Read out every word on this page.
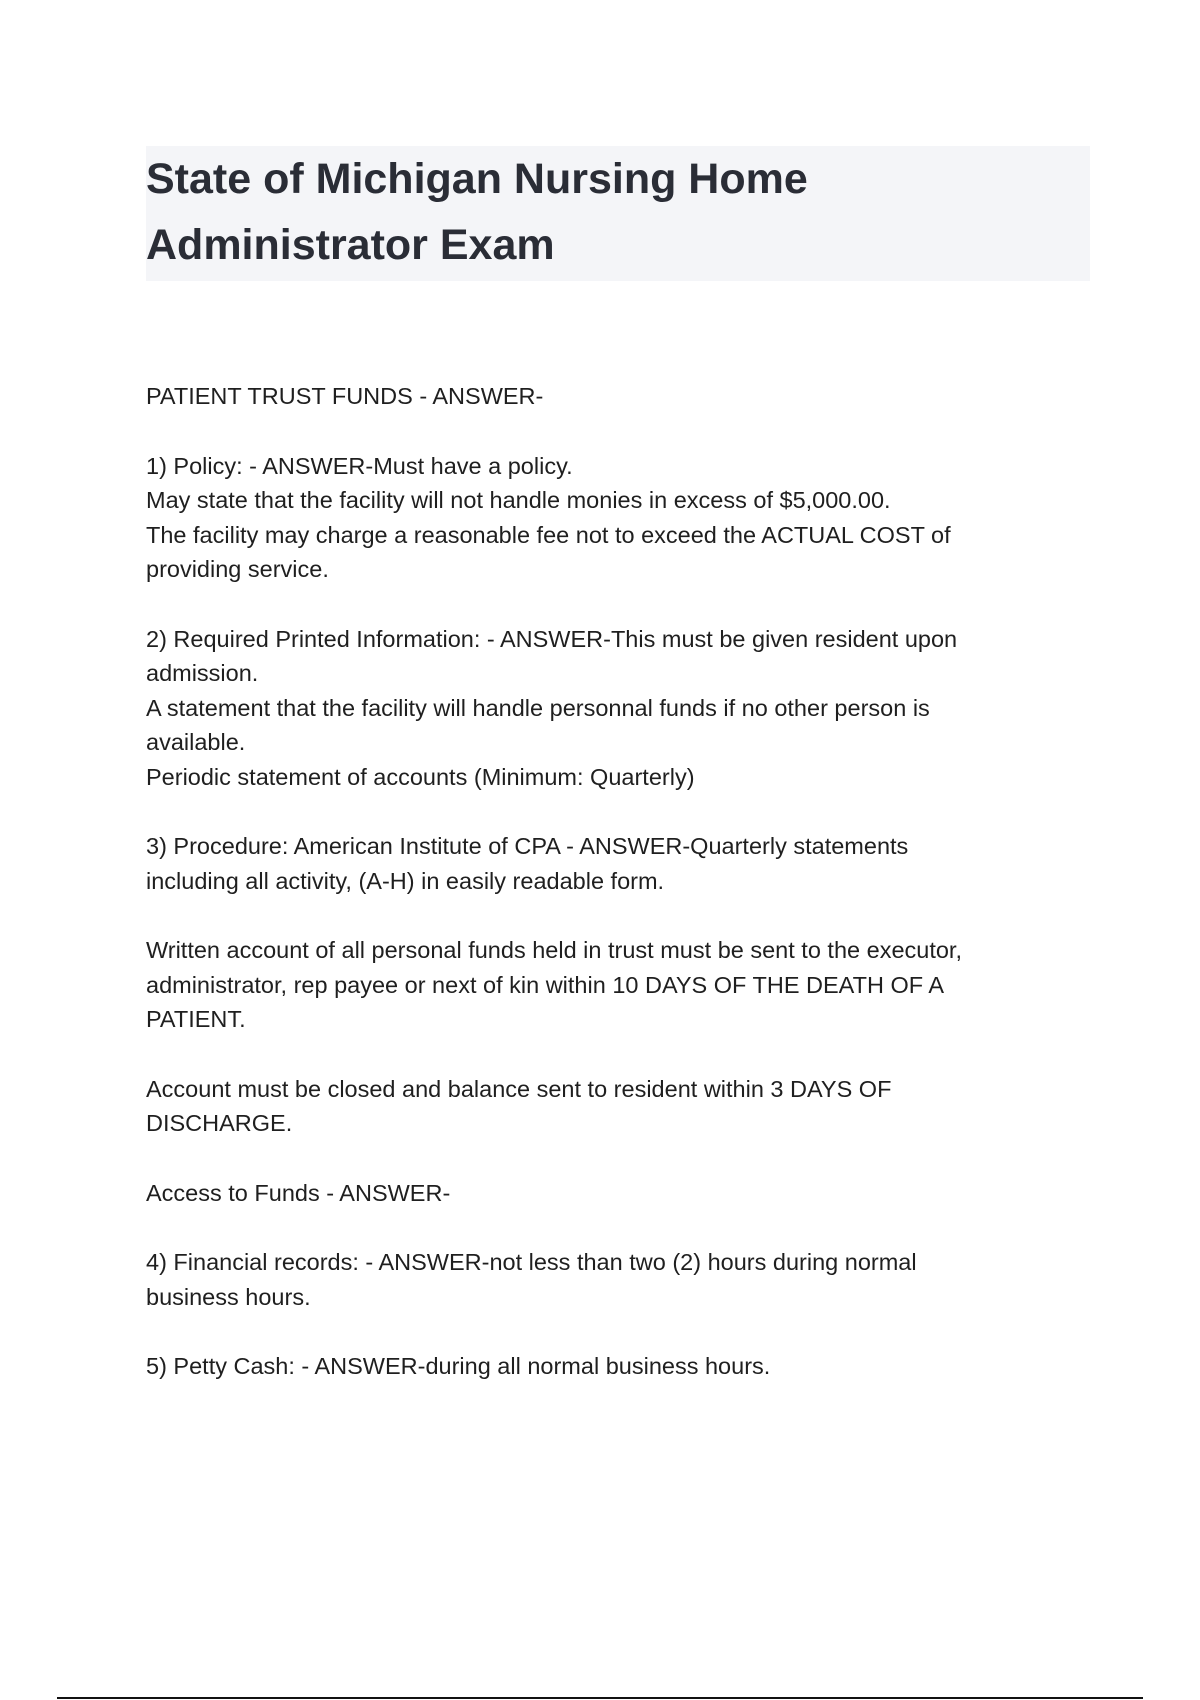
State of Michigan Nursing Home

Administrator Exam

PATIENT TRUST FUNDS - ANSWER-
1) Policy: - ANSWER-Must have a policy.
May state that the facility will not handle monies in excess of $5,000.00.
The facility may charge a reasonable fee not to exceed the ACTUAL COST of
providing service.
2) Required Printed Information: - ANSWER-This must be given resident upon
admission.
A statement that the facility will handle personnal funds if no other person is
available.
Periodic statement of accounts (Minimum: Quarterly)
3) Procedure: American Institute of CPA - ANSWER-Quarterly statements
including all activity, (A-H) in easily readable form.
Written account of all personal funds held in trust must be sent to the executor,
administrator, rep payee or next of kin within 10 DAYS OF THE DEATH OF A
PATIENT.
Account must be closed and balance sent to resident within 3 DAYS OF
DISCHARGE.
Access to Funds - ANSWER-
4) Financial records: - ANSWER-not less than two (2) hours during normal
business hours.
5) Petty Cash: - ANSWER-during all normal business hours.
